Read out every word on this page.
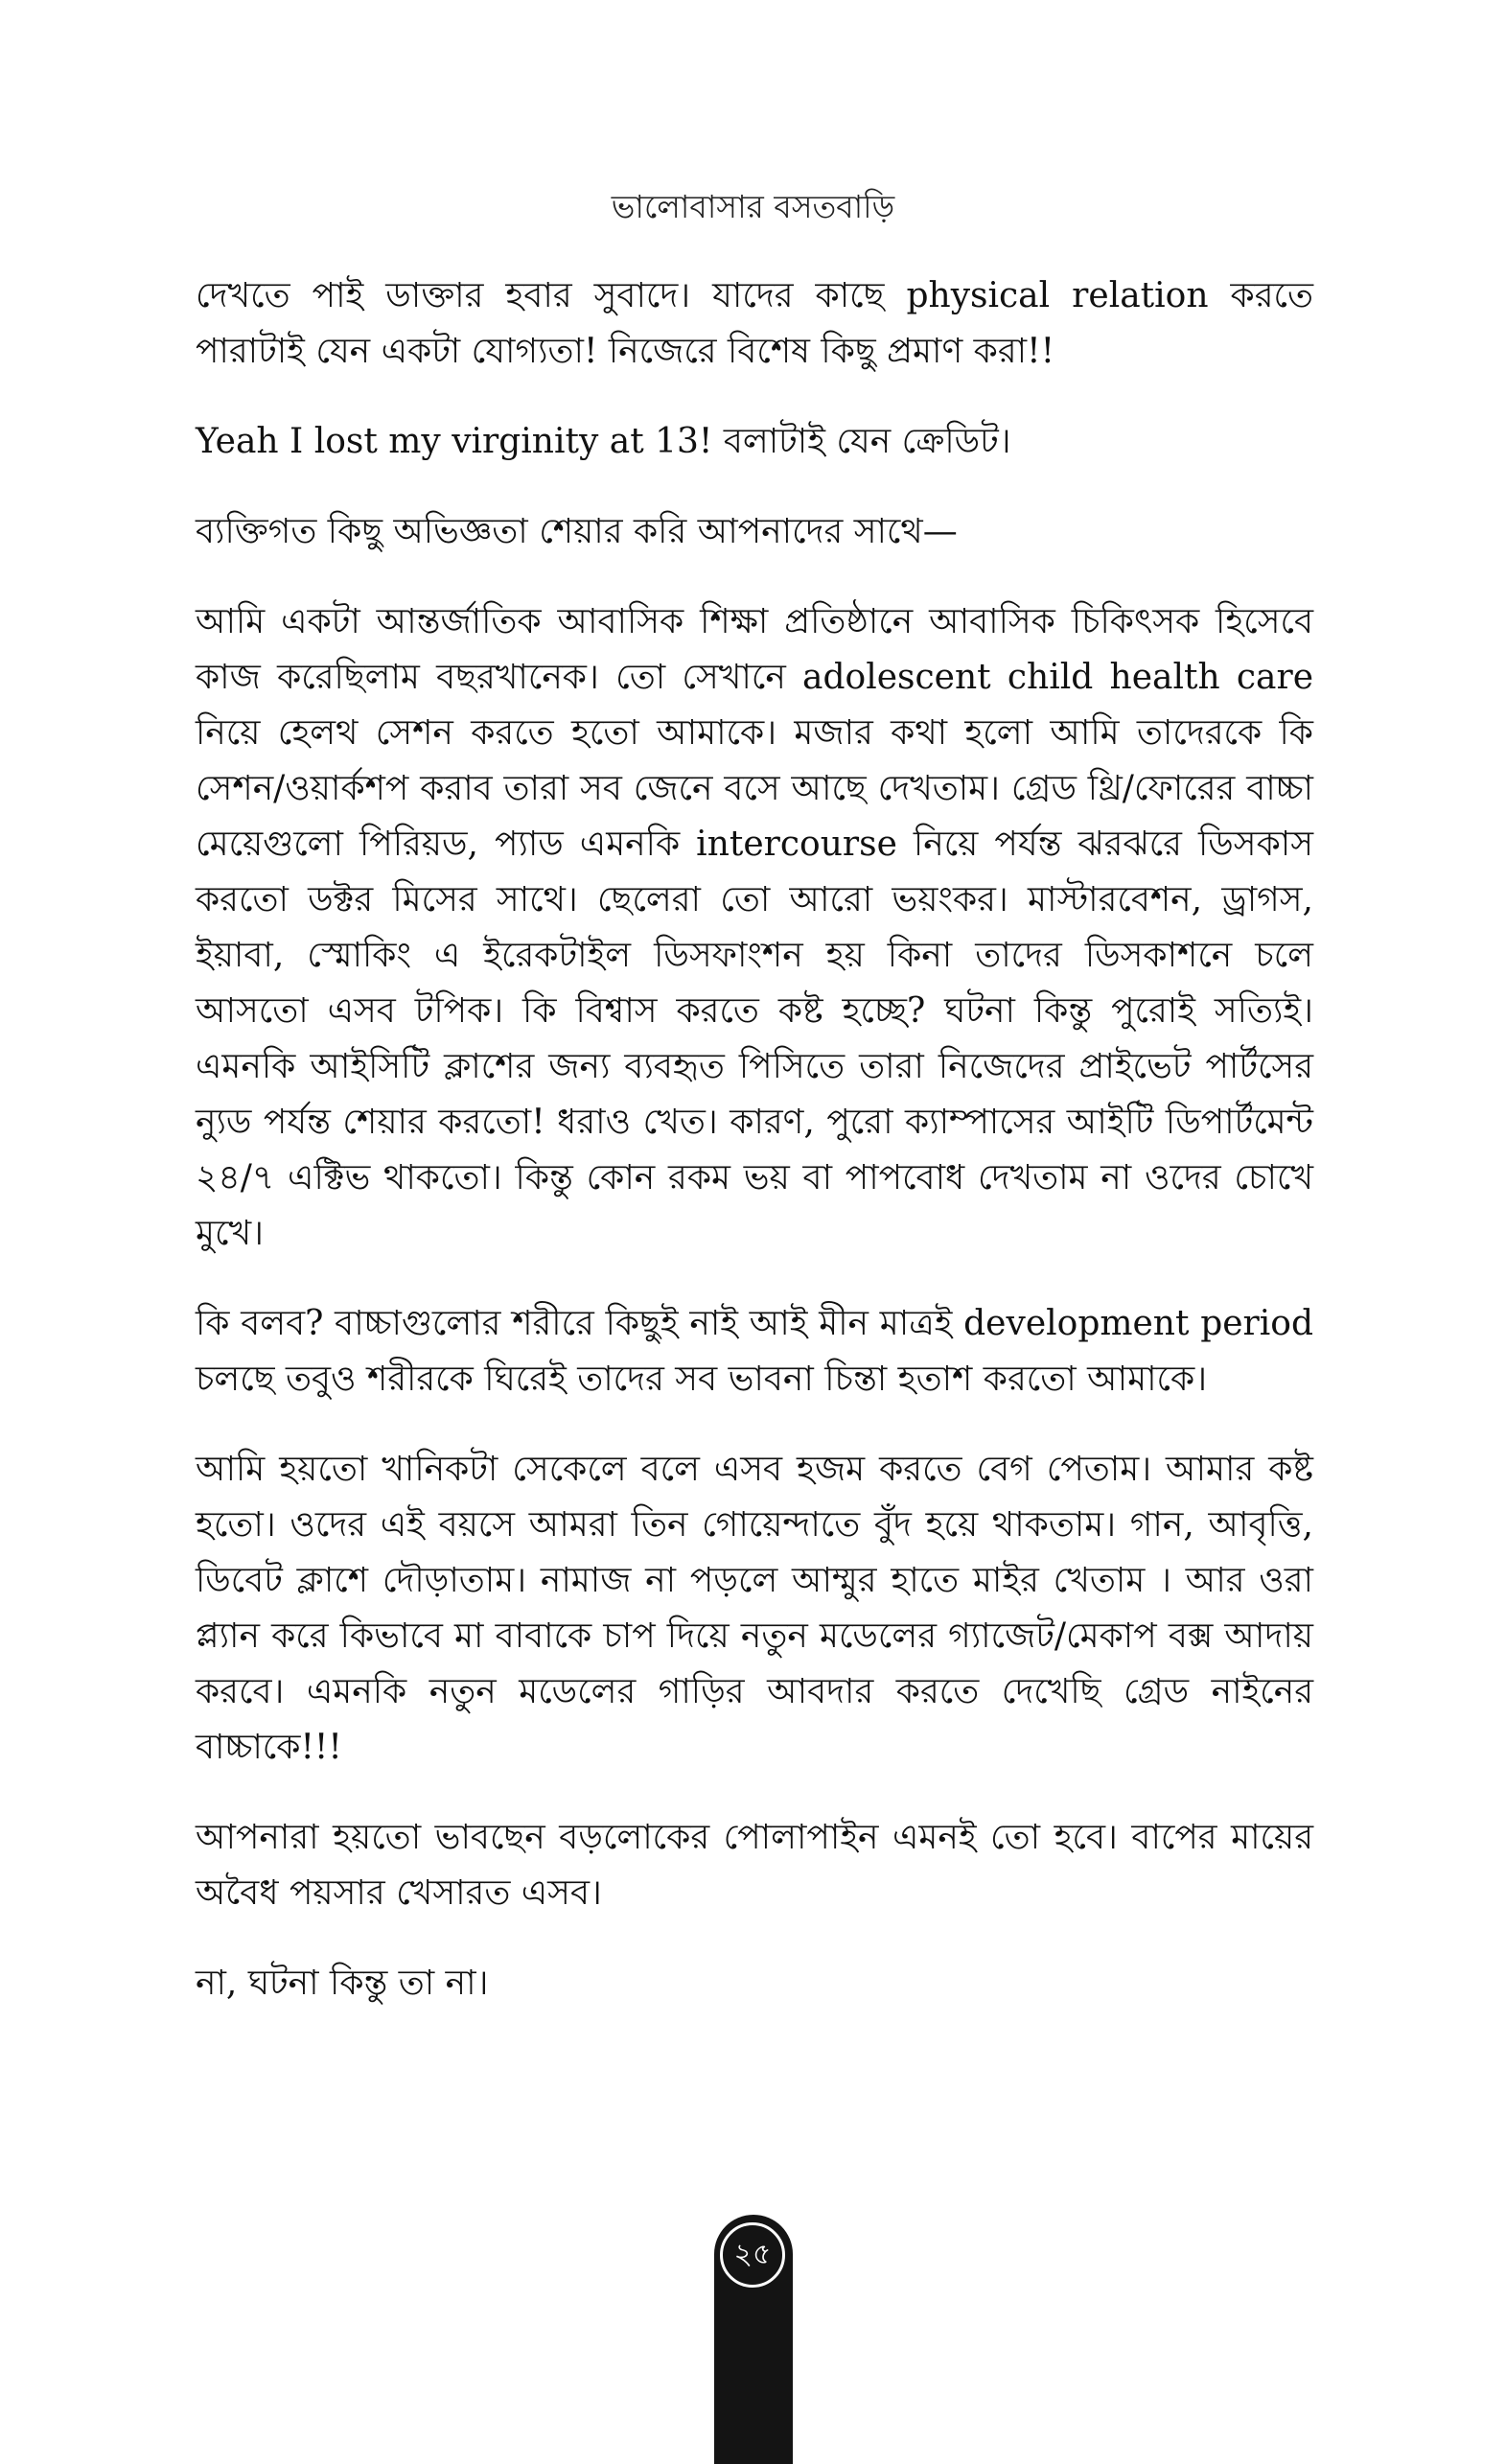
ভালোবাসার বসতবাড়ি

দেখতে পাই ডাক্তার হবার সুবাদে। যাদের কাছে physical relation করতে পারাটাই যেন একটা যোগ্যতা! নিজেরে বিশেষ কিছু প্রমাণ করা!!

Yeah I lost my virginity at 13! বলাটাই যেন ক্রেডিট।

ব্যক্তিগত কিছু অভিজ্ঞতা শেয়ার করি আপনাদের সাথে—

আমি একটা আন্তর্জাতিক আবাসিক শিক্ষা প্রতিষ্ঠানে আবাসিক চিকিৎসক হিসেবে কাজ করেছিলাম বছরখানেক। তো সেখানে adolescent child health care নিয়ে হেলথ সেশন করতে হতো আমাকে। মজার কথা হলো আমি তাদেরকে কি সেশন/ওয়ার্কশপ করাব তারা সব জেনে বসে আছে দেখতাম। গ্রেড থ্রি/ফোরের বাচ্চা মেয়েগুলো পিরিয়ড, প্যাড এমনকি intercourse নিয়ে পর্যন্ত ঝরঝরে ডিসকাস করতো ডক্টর মিসের সাথে। ছেলেরা তো আরো ভয়ংকর। মাস্টারবেশন, ড্রাগস, ইয়াবা, স্মোকিং এ ইরেকটাইল ডিসফাংশন হয় কিনা তাদের ডিসকাশনে চলে আসতো এসব টপিক। কি বিশ্বাস করতে কষ্ট হচ্ছে? ঘটনা কিন্তু পুরোই সত্যিই। এমনকি আইসিটি ক্লাশের জন্য ব্যবহৃত পিসিতে তারা নিজেদের প্রাইভেট পার্টসের ন্যুড পর্যন্ত শেয়ার করতো! ধরাও খেত। কারণ, পুরো ক্যাম্পাসের আইটি ডিপার্টমেন্ট ২৪/৭ এক্টিভ থাকতো। কিন্তু কোন রকম ভয় বা পাপবোধ দেখতাম না ওদের চোখে মুখে।

কি বলব? বাচ্চাগুলোর শরীরে কিছুই নাই আই মীন মাত্রই development period চলছে তবুও শরীরকে ঘিরেই তাদের সব ভাবনা চিন্তা হতাশ করতো আমাকে।

আমি হয়তো খানিকটা সেকেলে বলে এসব হজম করতে বেগ পেতাম। আমার কষ্ট হতো। ওদের এই বয়সে আমরা তিন গোয়েন্দাতে বুঁদ হয়ে থাকতাম। গান, আবৃত্তি, ডিবেট ক্লাশে দৌড়াতাম। নামাজ না পড়লে আম্মুর হাতে মাইর খেতাম । আর ওরা প্ল্যান করে কিভাবে মা বাবাকে চাপ দিয়ে নতুন মডেলের গ্যাজেট/মেকাপ বক্স আদায় করবে। এমনকি নতুন মডেলের গাড়ির আবদার করতে দেখেছি গ্রেড নাইনের বাচ্চাকে!!!

আপনারা হয়তো ভাবছেন বড়লোকের পোলাপাইন এমনই তো হবে। বাপের মায়ের অবৈধ পয়সার খেসারত এসব।

না, ঘটনা কিন্তু তা না।

২৫
